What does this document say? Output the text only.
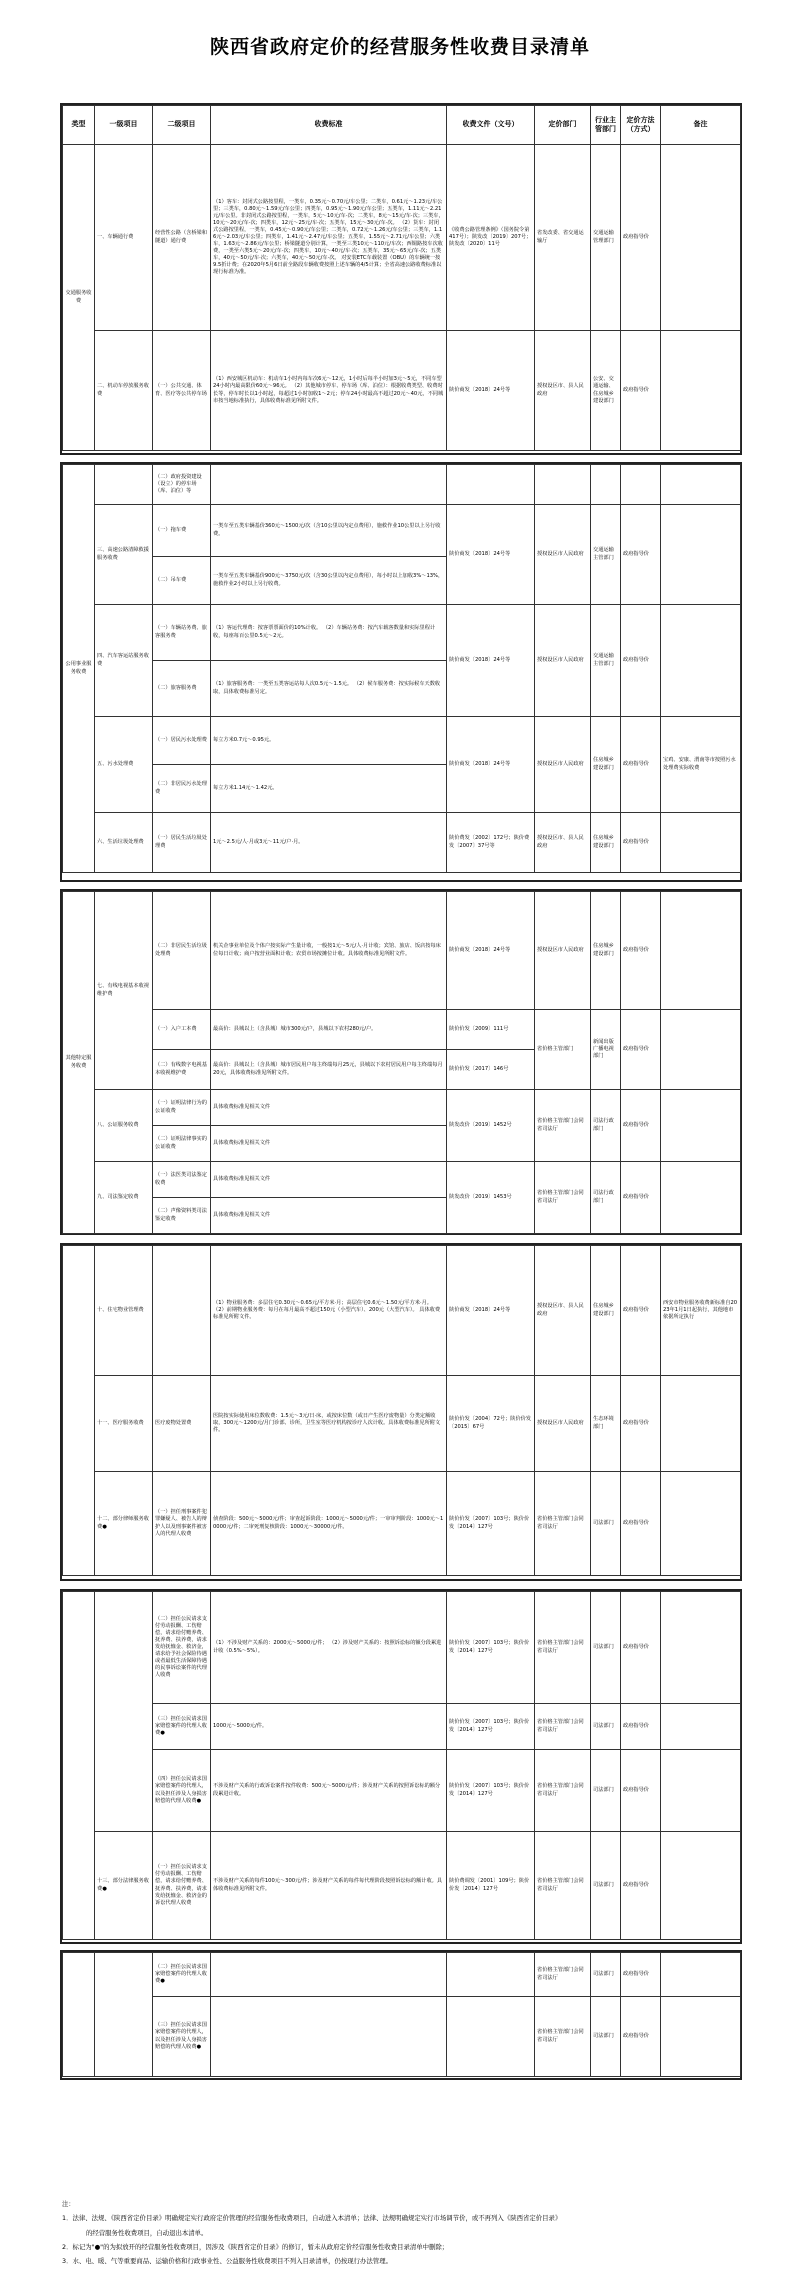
陕西省政府定价的经营服务性收费目录清单
类型	一级项目	二级项目	收费标准	收费文件（文号）	定价部门	行业主管部门	定价方法（方式）	备注
交通服务收费	一、车辆通行费	经营性公路（含桥梁和隧道）通行费	（1）客车：封闭式公路按里程，一类车，0.35元～0.70元/车公里；二类车，0.61元～1.23元/车公里；三类车，0.80元～1.59元/车公里；四类车，0.95元～1.90元/车公里；五类车，1.11元～2.21元/车公里。非封闭式公路按里程，一类车，5元～10元/车·次；二类车，8元～15元/车·次；三类车，10元～20元/车·次；四类车，12元～25元/车·次；五类车，15元～30元/车·次。 （2）货车：封闭式公路按里程，一类车，0.45元～0.90元/车公里；二类车，0.72元～1.26元/车公里；三类车，1.16元～2.03元/车公里；四类车，1.41元～2.47元/车公里；五类车，1.55元～2.71元/车公里；六类车，1.63元～2.86元/车公里；桥梁隧道分别计算，一类至三类10元～110元/车次；西铜路按车次收费，一类至六类5元～20元/车·次；四类车，10元～40元/车·次；五类车，35元～65元/车·次；五类车，40元～50元/车·次；六类车，40元～50元/车·次。 对安装ETC车载装置（OBU）的车辆统一按9.5折计费；在2020年5月6日前全路段车辆收费按照上述车辆的4/5计算；全省高速公路收费标准以现行标准为准。	《收费公路管理条例》（国务院令第417号）；陕发改〔2019〕207号；陕发改〔2020〕11号	省发改委、省交通运输厅	交通运输管理部门	政府指导价	
	二、机动车停放服务收费	（一）公共交通、体育、医疗等公共停车场	（1）西安城区机动车：机动车1小时内每车次6元～12元，1小时后每半小时加3元～5元，不同车型24小时内最高限价60元～96元。 （2）其他城市停车、停车场（库、泊位）：根据收费类型、收费时长等，停车时长以1小时起，每超过1小时加收1～2元；停车24小时最高不超过20元～40元，不同城市按当地标准执行，具体收费标准见所附文件。	陕价商发〔2018〕24号等	授权设区市、县人民政府	公安、交通运输、住房城乡建设部门	政府指导价	
公用事业服务收费		（二）政府投资建设（设立）的停车场（库、泊位）等						
	三、高速公路清障救援服务收费	（一）拖车费	一类车至五类车辆基价360元～1500元/次（含10公里以内定点费用），施救作业10公里以上另行收费。	陕价商发〔2018〕24号等	授权设区市人民政府	交通运输主管部门	政府指导价	
		（二）吊车费	一类车至五类车辆基价900元～3750元/次（含30公里以内定点费用），每小时以上加收3%～13%，施救作业2小时以上另行收费。					
	四、汽车客运站服务收费	（一）车辆站务费、旅客服务费	（1）客运代理费：按客票票面价的10%计收。 （2）车辆站务费：按汽车载客数量和实际里程计收，每座每百公里0.5元～2元。	陕价商发〔2018〕24号等	授权设区市人民政府	交通运输主管部门	政府指导价	
		（二）旅客服务费	（1）旅客服务费：一类至五类客运站每人次0.5元～1.5元。 （2）候车服务费：按实际候车天数收取，具体收费标准另定。					
	五、污水处理费	（一）居民污水处理费	每立方米0.7元～0.95元。	陕价商发〔2018〕24号等	授权设区市人民政府	住房城乡建设部门	政府指导价	宝鸡、安康、渭南等市按照污水处理费实际收费
		（二）非居民污水处理费	每立方米1.14元～1.42元。					
	六、生活垃圾处理费	（一）居民生活垃圾处理费	1元～2.5元/人·月或3元～11元/户·月。	陕价费发〔2002〕172号；陕价费发〔2007〕37号等	授权设区市、县人民政府	住房城乡建设部门	政府指导价	
其他特定服务收费	七、有线电视基本收视维护费	（二）非居民生活垃圾处理费	机关企事业单位及个体户按实际产生量计收，一般按1元～5元/人·月计收；宾馆、旅店、饭店按每床位每日计收；商户按营业面积计收；农贸市场按摊位计收。具体收费标准见所附文件。	陕价商发〔2018〕24号等	授权设区市人民政府	住房城乡建设部门	政府指导价	
		（一）入户工本费	最高价：县城以上（含县城）城市300元/户，县城以下农村280元/户。	陕价价发〔2009〕111号	省价格主管部门	新闻出版广播电视部门	政府指导价	
		（二）有线数字电视基本收视维护费	最高价：县城以上（含县城）城市居民用户每主终端每月25元，县城以下农村居民用户每主终端每月20元，具体收费标准见所附文件。	陕价价发〔2017〕146号				
	八、公证服务收费	（一）证明法律行为的公证收费	具体收费标准见相关文件	陕发改价〔2019〕1452号	省价格主管部门会同省司法厅	司法行政部门	政府指导价	
		（二）证明法律事实的公证收费	具体收费标准见相关文件					
	九、司法鉴定收费	（一）法医类司法鉴定收费	具体收费标准见相关文件	陕发改价〔2019〕1453号	省价格主管部门会同省司法厅	司法行政部门	政府指导价	
		（二）声像资料类司法鉴定收费	具体收费标准见相关文件					
	十、住宅物业管理费		（1）物业服务费：多层住宅0.30元～0.65元/平方米·月；高层住宅0.6元～1.50元/平方米·月。 （2）前期物业服务费：每月在每月最高不超过150元（小型汽车）、200元（大型汽车）。 具体收费标准见所附文件。	陕价商发〔2018〕24号等	授权设区市、县人民政府	住房城乡建设部门	政府指导价	西安市物业服务收费新标准自2023年1月1日起执行，其他地市依据所定执行
	十一、医疗服务收费	医疗废物处置费	医院按实际使用床位数收费：1.5元～3元/日·床，或按床位数（或日产生医疗废物量）分类定额收取，300元～1200元/月门诊部、诊所，卫生室等医疗机构按诊疗人次计收。具体收费标准见所附文件。	陕价价发〔2004〕72号；陕价价发〔2015〕67号	授权设区市人民政府	生态环境部门	政府指导价	
	十二、部分律师服务收费●	（一）担任刑事案件犯罪嫌疑人、被告人的辩护人以及刑事案件被害人的代理人收费	侦查阶段：500元～5000元/件；审查起诉阶段：1000元～5000元/件；一审审判阶段：1000元～10000元/件；二审死刑复核阶段：1000元～30000元/件。	陕价价发〔2007〕103号；陕价价发〔2014〕127号	省价格主管部门会同省司法厅	司法部门	政府指导价	
		（二）担任公民请求支付劳动报酬、工伤赔偿，请求给付赡养费、抚养费、扶养费，请求发给抚恤金、救济金，请求给予社会保险待遇或者最低生活保障待遇的民事诉讼案件的代理人收费	（1）不涉及财产关系的：2000元～5000元/件； （2）涉及财产关系的：按照诉讼标的额分段累进计收（0.5%～5%）。	陕价价发〔2007〕103号；陕价价发〔2014〕127号	省价格主管部门会同省司法厅	司法部门	政府指导价	
		（三）担任公民请求国家赔偿案件的代理人收费●	1000元～5000元/件。	陕价价发〔2007〕103号；陕价价发〔2014〕127号	省价格主管部门会同省司法厅	司法部门	政府指导价	
		（四）担任公民请求国家赔偿案件的代理人，以及担任涉及人身损害赔偿的代理人收费●	不涉及财产关系的行政诉讼案件按件收费：500元～5000元/件；涉及财产关系的按照诉讼标的额分段累进计收。	陕价价发〔2007〕103号；陕价价发〔2014〕127号	省价格主管部门会同省司法厅	司法部门	政府指导价	
	十三、部分法律服务收费●	（一）担任公民请求支付劳动报酬、工伤赔偿，请求给付赡养费、抚养费、扶养费，请求发给抚恤金、救济金的诉讼代理人收费	不涉及财产关系的每件100元～300元/件；涉及财产关系的每件每代理阶段按照诉讼标的额计收。具体收费标准见所附文件。	陕价费调发〔2001〕109号；陕价价发〔2014〕127号	省价格主管部门会同省司法厅	司法部门	政府指导价	
		（二）担任公民请求国家赔偿案件的代理人收费●			省价格主管部门会同省司法厅	司法部门	政府指导价	
		（三）担任公民请求国家赔偿案件的代理人，以及担任涉及人身损害赔偿的代理人收费●			省价格主管部门会同省司法厅	司法部门	政府指导价	

注：

1．法律、法规、《陕西省定价目录》明确规定实行政府定价管理的经营服务性收费项目，自动进入本清单；法律、法规明确规定实行市场调节价，或不再列入《陕西省定价目录》

的经营服务性收费项目，自动退出本清单。

2．标记为"●"的为拟放开的经营服务性收费项目，因涉及《陕西省定价目录》的修订，暂未从政府定价经营服务性收费目录清单中删除；

3．水、电、暖、气等重要商品、运输价格和行政事业性、公益服务性收费项目不列入目录清单，仍按现行办法管理。
